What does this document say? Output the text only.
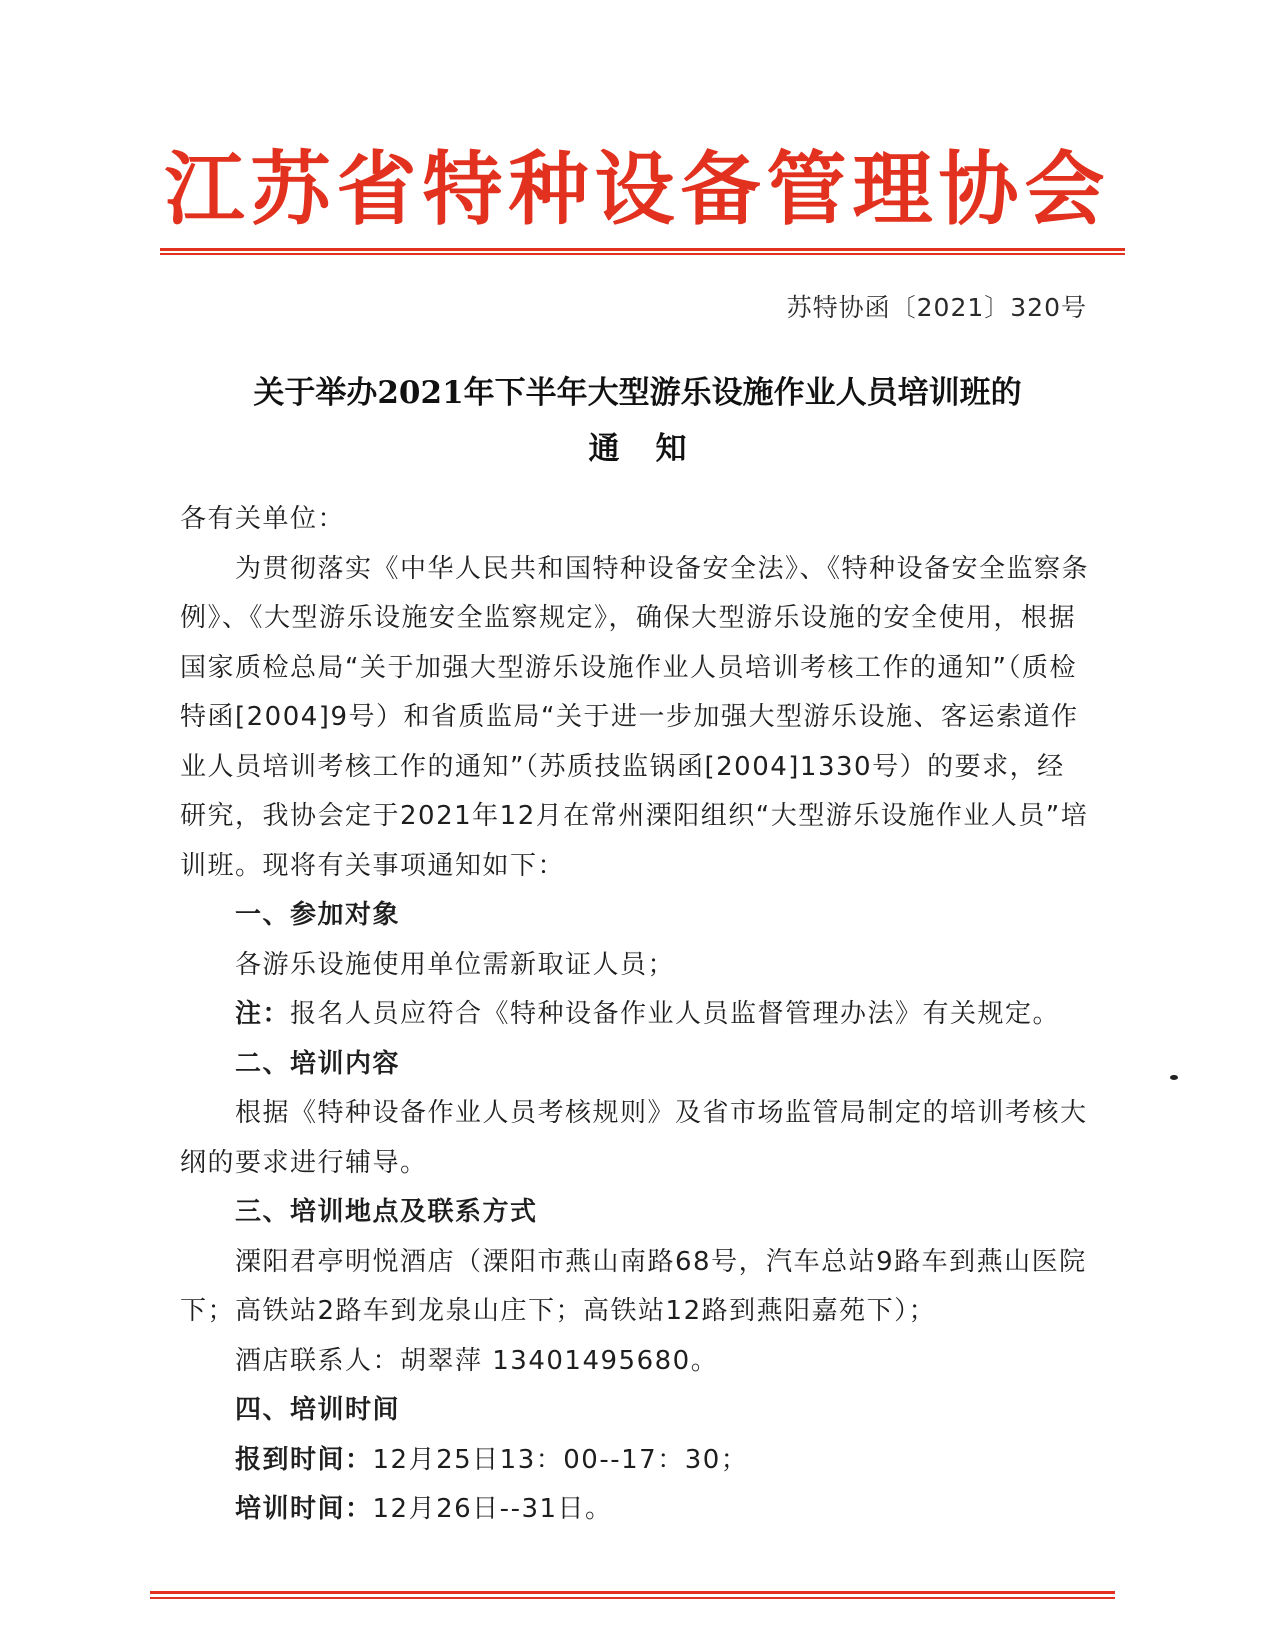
江苏省特种设备管理协会
苏特协函〔2021〕320号
关于举办2021年下半年大型游乐设施作业人员培训班的
通知

各有关单位：

为贯彻落实《中华人民共和国特种设备安全法》、《特种设备安全监察条例》、《大型游乐设施安全监察规定》，确保大型游乐设施的安全使用，根据国家质检总局“关于加强大型游乐设施作业人员培训考核工作的通知”（质检特函[2004]9号）和省质监局“关于进一步加强大型游乐设施、客运索道作业人员培训考核工作的通知”（苏质技监锅函[2004]1330号）的要求，经研究，我协会定于2021年12月在常州溧阳组织“大型游乐设施作业人员”培训班。现将有关事项通知如下：

一、参加对象

各游乐设施使用单位需新取证人员；

注：报名人员应符合《特种设备作业人员监督管理办法》有关规定。

二、培训内容

根据《特种设备作业人员考核规则》及省市场监管局制定的培训考核大纲的要求进行辅导。

三、培训地点及联系方式

溧阳君亭明悦酒店（溧阳市燕山南路68号，汽车总站9路车到燕山医院下；高铁站2路车到龙泉山庄下；高铁站12路到燕阳嘉苑下）；

酒店联系人：胡翠萍 13401495680。

四、培训时间

报到时间：12月25日13：00--17：30；

培训时间：12月26日--31日。
